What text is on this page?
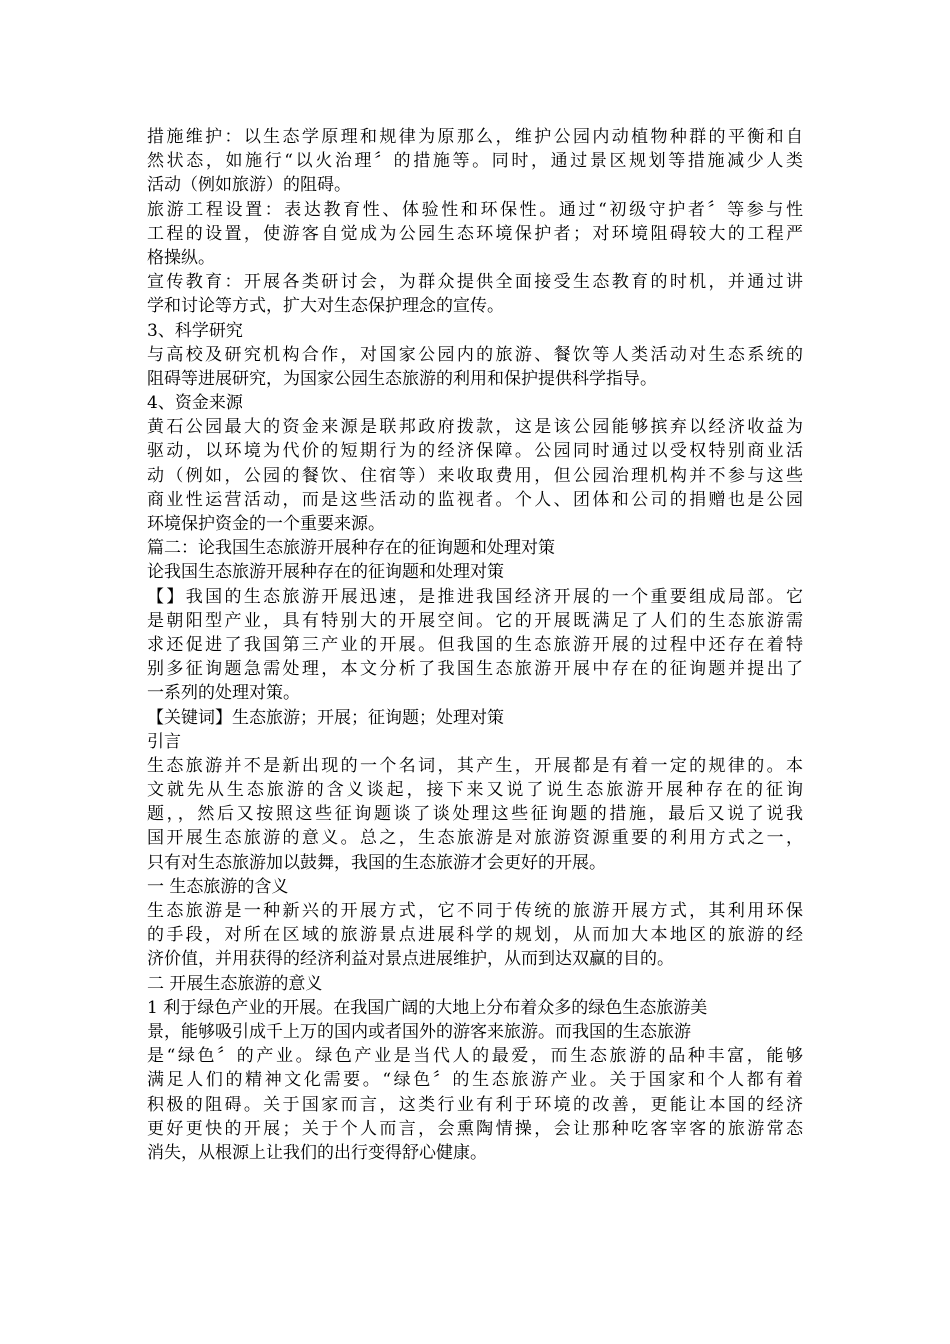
措施维护：以生态学原理和规律为原那么，维护公园内动植物种群的平衡和自
然状态，如施行“以火治理〞的措施等。同时，通过景区规划等措施减少人类
活动（例如旅游）的阻碍。
旅游工程设置：表达教育性、体验性和环保性。通过“初级守护者〞等参与性
工程的设置，使游客自觉成为公园生态环境保护者；对环境阻碍较大的工程严
格操纵。
宣传教育：开展各类研讨会，为群众提供全面接受生态教育的时机，并通过讲
学和讨论等方式，扩大对生态保护理念的宣传。
3、科学研究
与高校及研究机构合作，对国家公园内的旅游、餐饮等人类活动对生态系统的
阻碍等进展研究，为国家公园生态旅游的利用和保护提供科学指导。
4、资金来源
黄石公园最大的资金来源是联邦政府拨款，这是该公园能够摈弃以经济收益为
驱动，以环境为代价的短期行为的经济保障。公园同时通过以受权特别商业活
动（例如，公园的餐饮、住宿等）来收取费用，但公园治理机构并不参与这些
商业性运营活动，而是这些活动的监视者。个人、团体和公司的捐赠也是公园
环境保护资金的一个重要来源。
篇二：论我国生态旅游开展种存在的征询题和处理对策
论我国生态旅游开展种存在的征询题和处理对策
【】我国的生态旅游开展迅速，是推进我国经济开展的一个重要组成局部。它
是朝阳型产业，具有特别大的开展空间。它的开展既满足了人们的生态旅游需
求还促进了我国第三产业的开展。但我国的生态旅游开展的过程中还存在着特
别多征询题急需处理，本文分析了我国生态旅游开展中存在的征询题并提出了
一系列的处理对策。
【关键词】生态旅游；开展；征询题；处理对策
引言
生态旅游并不是新出现的一个名词，其产生，开展都是有着一定的规律的。本
文就先从生态旅游的含义谈起，接下来又说了说生态旅游开展种存在的征询
题，，然后又按照这些征询题谈了谈处理这些征询题的措施，最后又说了说我
国开展生态旅游的意义。总之，生态旅游是对旅游资源重要的利用方式之一，
只有对生态旅游加以鼓舞，我国的生态旅游才会更好的开展。
一 生态旅游的含义
生态旅游是一种新兴的开展方式，它不同于传统的旅游开展方式，其利用环保
的手段，对所在区域的旅游景点进展科学的规划，从而加大本地区的旅游的经
济价值，并用获得的经济利益对景点进展维护，从而到达双赢的目的。
二 开展生态旅游的意义
1 利于绿色产业的开展。在我国广阔的大地上分布着众多的绿色生态旅游美
景，能够吸引成千上万的国内或者国外的游客来旅游。而我国的生态旅游
是“绿色〞的产业。绿色产业是当代人的最爱，而生态旅游的品种丰富，能够
满足人们的精神文化需要。“绿色〞的生态旅游产业。关于国家和个人都有着
积极的阻碍。关于国家而言，这类行业有利于环境的改善，更能让本国的经济
更好更快的开展；关于个人而言，会熏陶情操，会让那种吃客宰客的旅游常态
消失，从根源上让我们的出行变得舒心健康。
